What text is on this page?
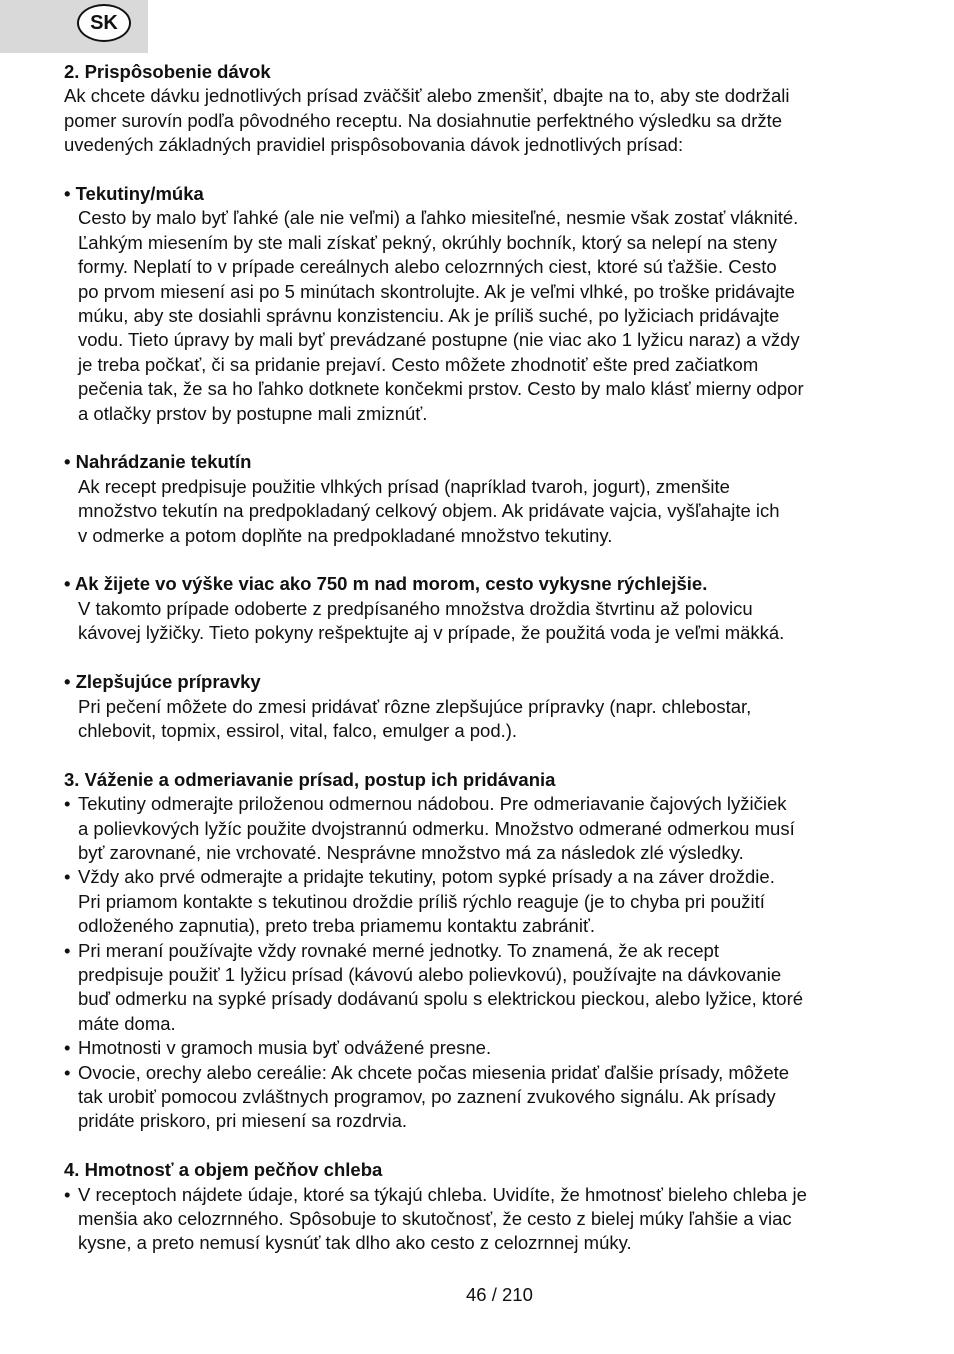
SK

2. Prispôsobenie dávok

Ak chcete dávku jednotlivých prísad zväčšiť alebo zmenšiť, dbajte na to, aby ste dodržali

pomer surovín podľa pôvodného receptu. Na dosiahnutie perfektného výsledku sa držte

uvedených základných pravidiel prispôsobovania dávok jednotlivých prísad:

• Tekutiny/múka

Cesto by malo byť ľahké (ale nie veľmi) a ľahko miesiteľné, nesmie však zostať vláknité.

Ľahkým miesením by ste mali získať pekný, okrúhly bochník, ktorý sa nelepí na steny

formy. Neplatí to v prípade cereálnych alebo celozrnných ciest, ktoré sú ťažšie. Cesto

po prvom miesení asi po 5 minútach skontrolujte. Ak je veľmi vlhké, po troške pridávajte

múku, aby ste dosiahli správnu konzistenciu. Ak je príliš suché, po lyžiciach pridávajte

vodu. Tieto úpravy by mali byť prevádzané postupne (nie viac ako 1 lyžicu naraz) a vždy

je treba počkať, či sa pridanie prejaví. Cesto môžete zhodnotiť ešte pred začiatkom

pečenia tak, že sa ho ľahko dotknete končekmi prstov. Cesto by malo klásť mierny odpor

a otlačky prstov by postupne mali zmiznúť.

• Nahrádzanie tekutín

Ak recept predpisuje použitie vlhkých prísad (napríklad tvaroh, jogurt), zmenšite

množstvo tekutín na predpokladaný celkový objem. Ak pridávate vajcia, vyšľahajte ich

v odmerke a potom doplňte na predpokladané množstvo tekutiny.

• Ak žijete vo výške viac ako 750 m nad morom, cesto vykysne rýchlejšie.

V takomto prípade odoberte z predpísaného množstva droždia štvrtinu až polovicu

kávovej lyžičky. Tieto pokyny rešpektujte aj v prípade, že použitá voda je veľmi mäkká.

• Zlepšujúce prípravky

Pri pečení môžete do zmesi pridávať rôzne zlepšujúce prípravky (napr. chlebostar,

chlebovit, topmix, essirol, vital, falco, emulger a pod.).

3. Váženie a odmeriavanie prísad, postup ich pridávania

• Tekutiny odmerajte priloženou odmernou nádobou. Pre odmeriavanie čajových lyžičiek

a polievkových lyžíc použite dvojstrannú odmerku. Množstvo odmerané odmerkou musí

byť zarovnané, nie vrchovaté. Nesprávne množstvo má za následok zlé výsledky.

• Vždy ako prvé odmerajte a pridajte tekutiny, potom sypké prísady a na záver droždie.

Pri priamom kontakte s tekutinou droždie príliš rýchlo reaguje (je to chyba pri použití

odloženého zapnutia), preto treba priamemu kontaktu zabrániť.

• Pri meraní používajte vždy rovnaké merné jednotky. To znamená, že ak recept

predpisuje použiť 1 lyžicu prísad (kávovú alebo polievkovú), používajte na dávkovanie

buď odmerku na sypké prísady dodávanú spolu s elektrickou pieckou, alebo lyžice, ktoré

máte doma.

• Hmotnosti v gramoch musia byť odvážené presne.

• Ovocie, orechy alebo cereálie: Ak chcete počas miesenia pridať ďalšie prísady, môžete

tak urobiť pomocou zvláštnych programov, po zaznení zvukového signálu. Ak prísady

pridáte priskoro, pri miesení sa rozdrvia.

4. Hmotnosť a objem pečňov chleba

• V receptoch nájdete údaje, ktoré sa týkajú chleba. Uvidíte, že hmotnosť bieleho chleba je

menšia ako celozrnného. Spôsobuje to skutočnosť, že cesto z bielej múky ľahšie a viac

kysne, a preto nemusí kysnúť tak dlho ako cesto z celozrnnej múky.

46 / 210
